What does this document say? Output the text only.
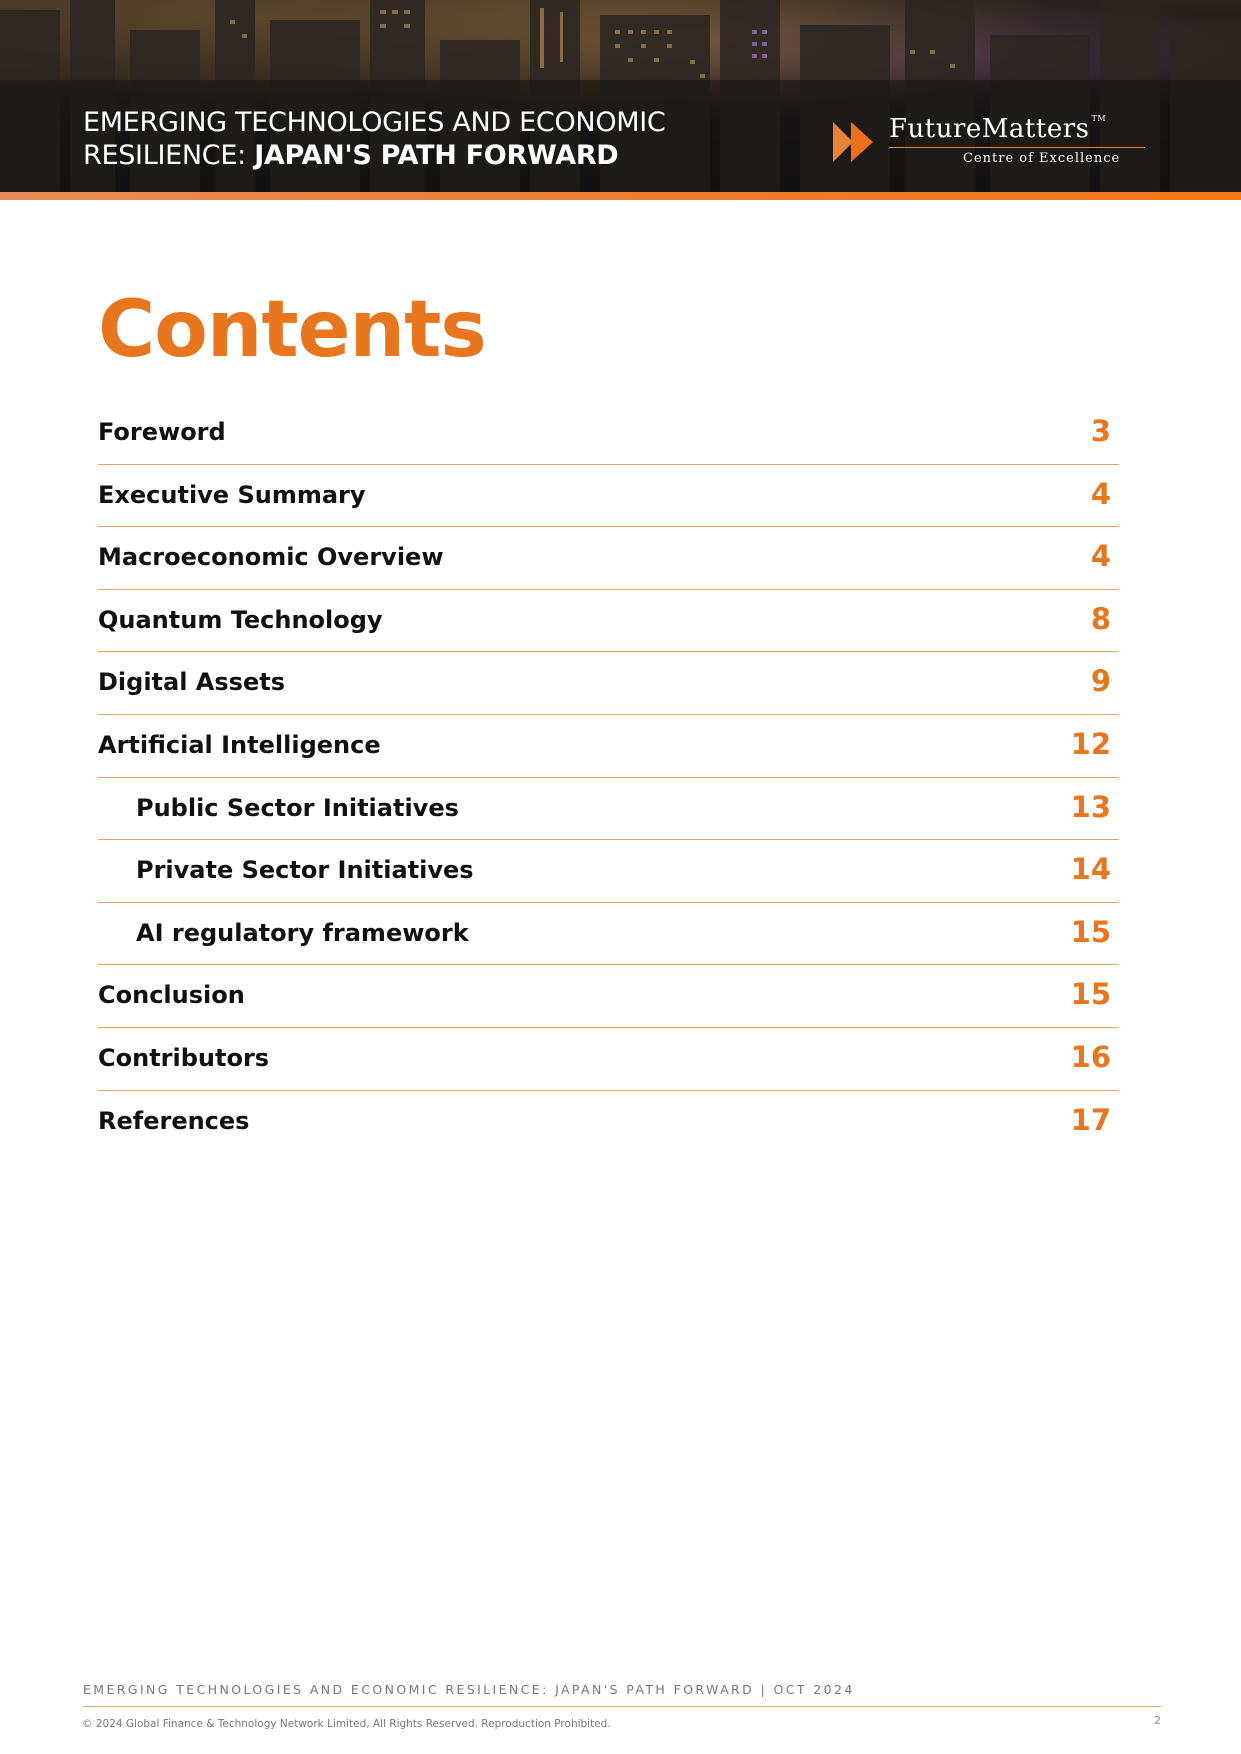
EMERGING TECHNOLOGIES AND ECONOMIC
RESILIENCE: JAPAN'S PATH FORWARD
FutureMatters ™
Centre of Excellence
Contents
Foreword	3
Executive Summary	4
Macroeconomic Overview	4
Quantum Technology	8
Digital Assets	9
Artificial Intelligence	12
Public Sector Initiatives	13
Private Sector Initiatives	14
AI regulatory framework	15
Conclusion	15
Contributors	16
References	17
EMERGING TECHNOLOGIES AND ECONOMIC RESILIENCE: JAPAN'S PATH FORWARD | OCT 2024
© 2024 Global Finance & Technology Network Limited, All Rights Reserved. Reproduction Prohibited.	2
